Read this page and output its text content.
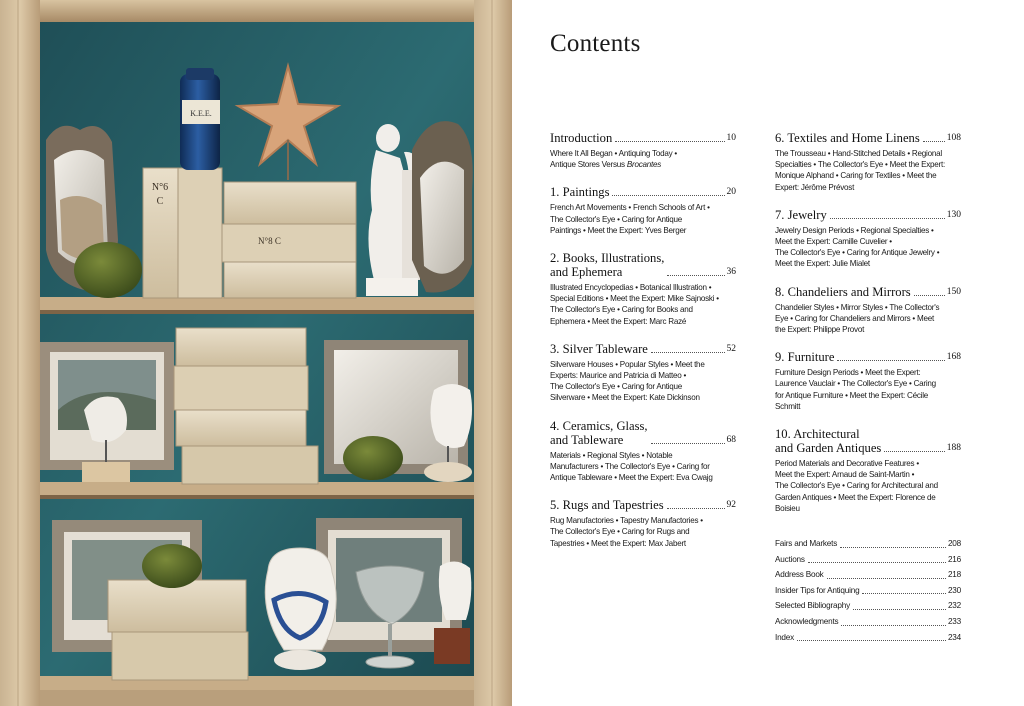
N°6
C
K.E.E.
N°8 C
Contents
Introduction	10
Where It All Began • Antiquing Today •
Antique Stores Versus Brocantes
1. Paintings	20
French Art Movements • French Schools of Art •
The Collector's Eye • Caring for Antique
Paintings • Meet the Expert: Yves Berger
2. Books, Illustrations,
and Ephemera	36
Illustrated Encyclopedias • Botanical Illustration •
Special Editions • Meet the Expert: Mike Sajnoski •
The Collector's Eye • Caring for Books and
Ephemera • Meet the Expert: Marc Razé
3. Silver Tableware	52
Silverware Houses • Popular Styles • Meet the
Experts: Maurice and Patricia di Matteo •
The Collector's Eye • Caring for Antique
Silverware • Meet the Expert: Kate Dickinson
4. Ceramics, Glass,
and Tableware	68
Materials • Regional Styles • Notable
Manufacturers • The Collector's Eye • Caring for
Antique Tableware • Meet the Expert: Eva Cwajg
5. Rugs and Tapestries	92
Rug Manufactories • Tapestry Manufactories •
The Collector's Eye • Caring for Rugs and
Tapestries • Meet the Expert: Max Jabert
6. Textiles and Home Linens	108
The Trousseau • Hand-Stitched Details • Regional
Specialties • The Collector's Eye • Meet the Expert:
Monique Alphand • Caring for Textiles • Meet the
Expert: Jérôme Prévost
7. Jewelry	130
Jewelry Design Periods • Regional Specialties •
Meet the Expert: Camille Cuvelier •
The Collector's Eye • Caring for Antique Jewelry •
Meet the Expert: Julie Mialet
8. Chandeliers and Mirrors	150
Chandelier Styles • Mirror Styles • The Collector's
Eye • Caring for Chandeliers and Mirrors • Meet
the Expert: Philippe Provot
9. Furniture	168
Furniture Design Periods • Meet the Expert:
Laurence Vauclair • The Collector's Eye • Caring
for Antique Furniture • Meet the Expert: Cécile
Schmitt
10. Architectural
and Garden Antiques	188
Period Materials and Decorative Features •
Meet the Expert: Arnaud de Saint-Martin •
The Collector's Eye • Caring for Architectural and
Garden Antiques • Meet the Expert: Florence de
Boisieu
Fairs and Markets	208
Auctions	216
Address Book	218
Insider Tips for Antiquing	230
Selected Bibliography	232
Acknowledgments	233
Index	234
